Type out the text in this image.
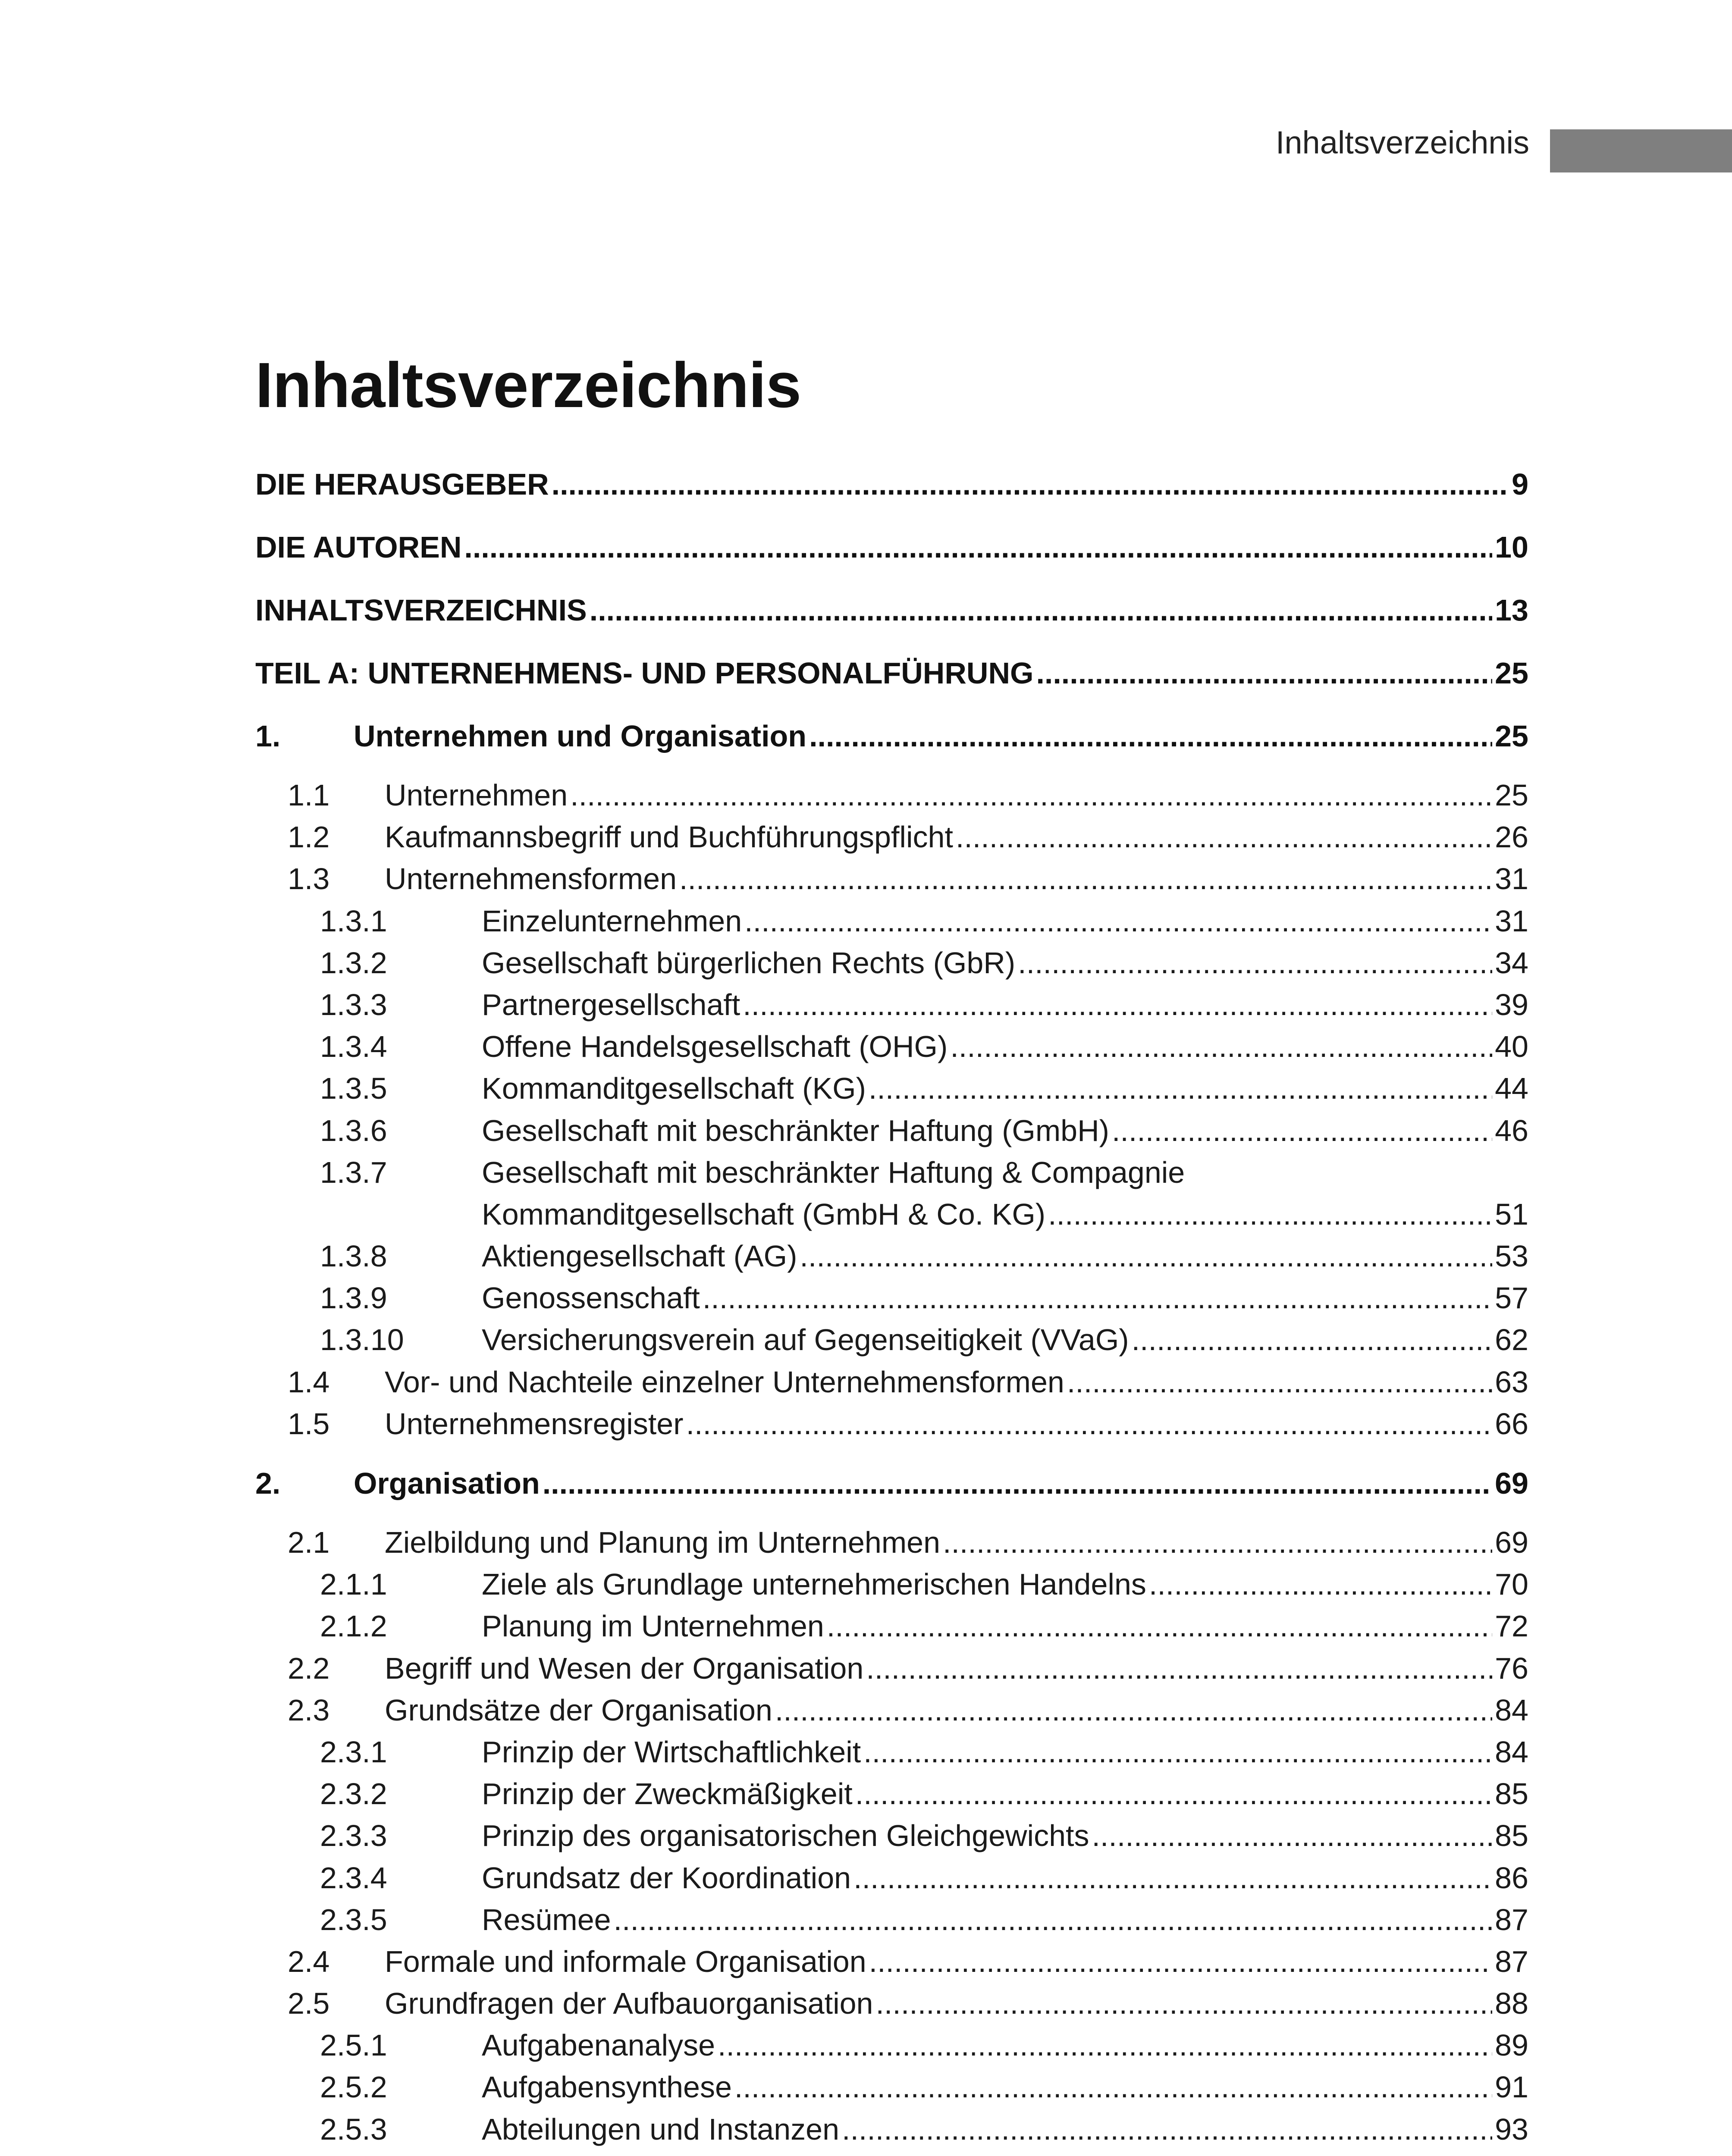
Inhaltsverzeichnis
Inhaltsverzeichnis
DIE HERAUSGEBER .....	9
DIE AUTOREN .....	10
INHALTSVERZEICHNIS .....	13
TEIL A: UNTERNEHMENS- UND PERSONALFÜHRUNG .....	25
1.	Unternehmen und Organisation .....	25
1.1	Unternehmen .....	25
1.2	Kaufmannsbegriff und Buchführungspflicht .....	26
1.3	Unternehmensformen .....	31
1.3.1	Einzelunternehmen .....	31
1.3.2	Gesellschaft bürgerlichen Rechts (GbR) .....	34
1.3.3	Partnergesellschaft .....	39
1.3.4	Offene Handelsgesellschaft (OHG) .....	40
1.3.5	Kommanditgesellschaft (KG) .....	44
1.3.6	Gesellschaft mit beschränkter Haftung (GmbH) .....	46
1.3.7	Gesellschaft mit beschränkter Haftung & Compagnie
Kommanditgesellschaft (GmbH & Co. KG) .....	51
1.3.8	Aktiengesellschaft (AG) .....	53
1.3.9	Genossenschaft .....	57
1.3.10	Versicherungsverein auf Gegenseitigkeit (VVaG) .....	62
1.4	Vor- und Nachteile einzelner Unternehmensformen .....	63
1.5	Unternehmensregister .....	66
2.	Organisation .....	69
2.1	Zielbildung und Planung im Unternehmen .....	69
2.1.1	Ziele als Grundlage unternehmerischen Handelns .....	70
2.1.2	Planung im Unternehmen .....	72
2.2	Begriff und Wesen der Organisation .....	76
2.3	Grundsätze der Organisation .....	84
2.3.1	Prinzip der Wirtschaftlichkeit .....	84
2.3.2	Prinzip der Zweckmäßigkeit .....	85
2.3.3	Prinzip des organisatorischen Gleichgewichts .....	85
2.3.4	Grundsatz der Koordination .....	86
2.3.5	Resümee .....	87
2.4	Formale und informale Organisation .....	87
2.5	Grundfragen der Aufbauorganisation .....	88
2.5.1	Aufgabenanalyse .....	89
2.5.2	Aufgabensynthese .....	91
2.5.3	Abteilungen und Instanzen .....	93
